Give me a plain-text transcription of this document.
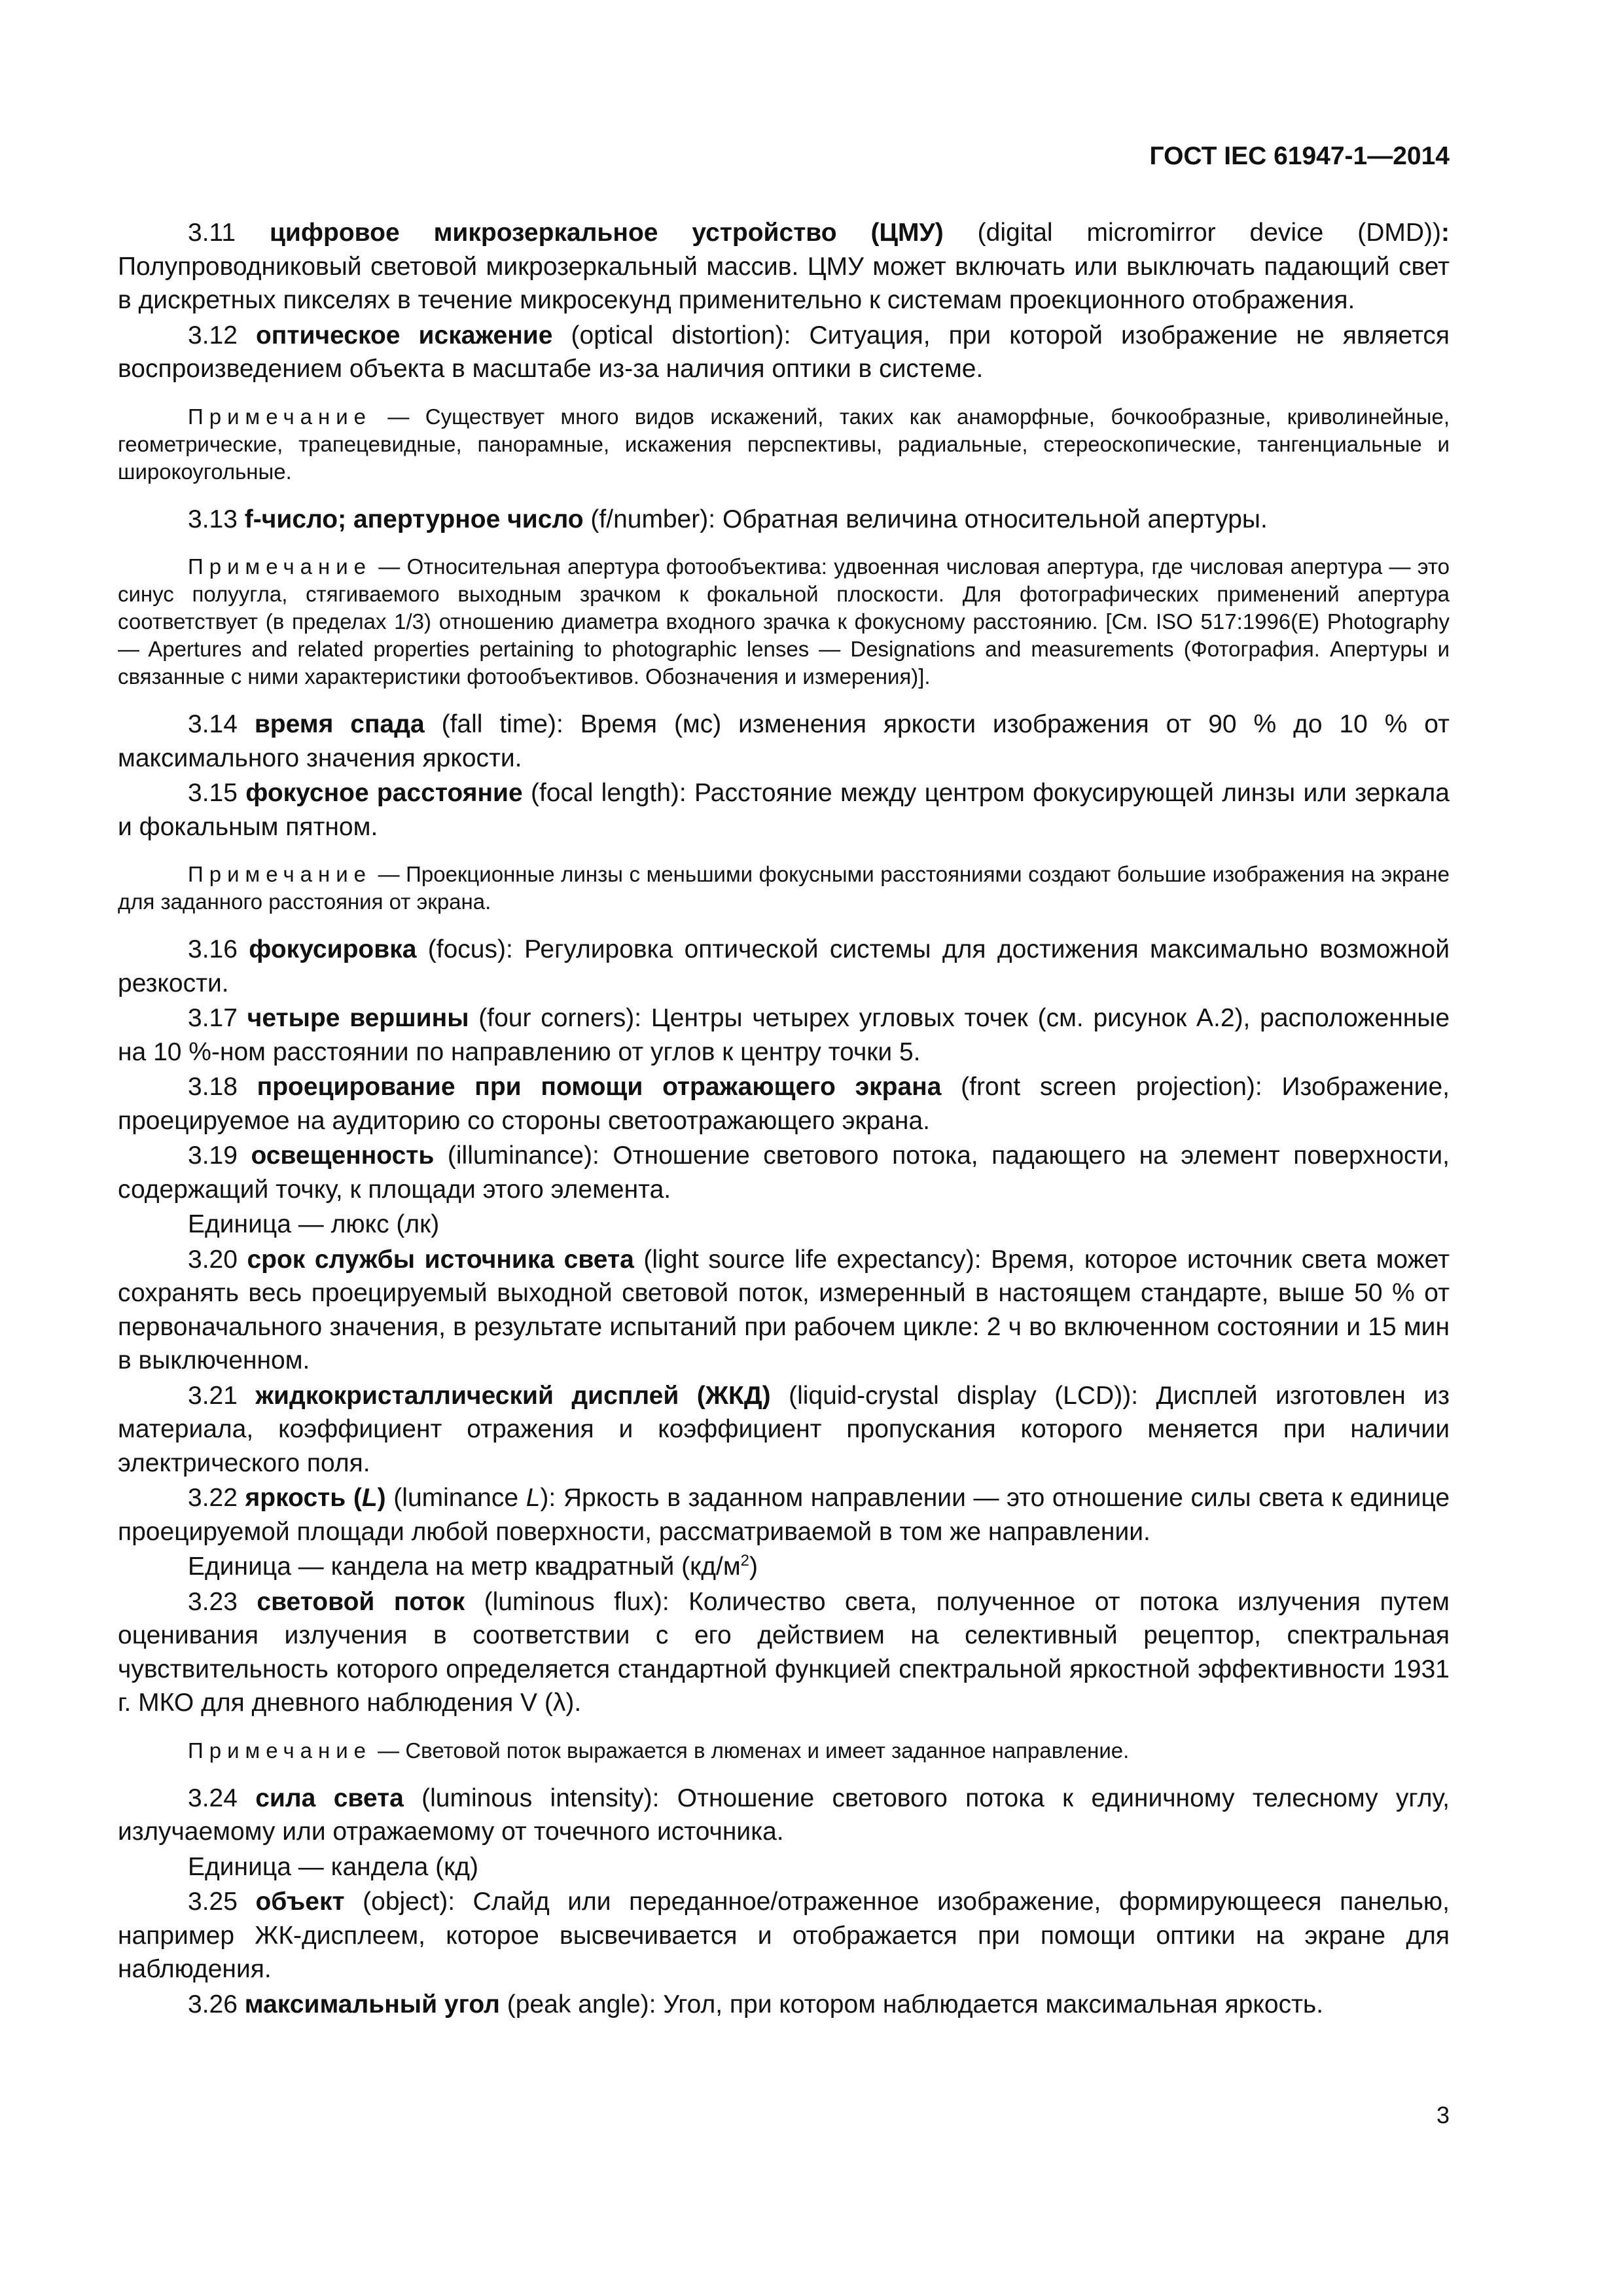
ГОСТ IEC 61947-1—2014

3.11 цифровое микрозеркальное устройство (ЦМУ) (digital micromirror device (DMD)): Полупроводниковый световой микрозеркальный массив. ЦМУ может включать или выключать падающий свет в дискретных пикселях в течение микросекунд применительно к системам проекционного отображения.

3.12 оптическое искажение (optical distortion): Ситуация, при которой изображение не является воспроизведением объекта в масштабе из-за наличия оптики в системе.

Примечание — Существует много видов искажений, таких как анаморфные, бочкообразные, криволинейные, геометрические, трапецевидные, панорамные, искажения перспективы, радиальные, стереоскопические, тангенциальные и широкоугольные.

3.13 f-число; апертурное число (f/number): Обратная величина относительной апертуры.

Примечание — Относительная апертура фотообъектива: удвоенная числовая апертура, где числовая апертура — это синус полуугла, стягиваемого выходным зрачком к фокальной плоскости. Для фотографических применений апертура соответствует (в пределах 1/3) отношению диаметра входного зрачка к фокусному расстоянию. [См. ISO 517:1996(E) Photography — Apertures and related properties pertaining to photographic lenses — Designations and measurements (Фотография. Апертуры и связанные с ними характеристики фотообъективов. Обозначения и измерения)].

3.14 время спада (fall time): Время (мс) изменения яркости изображения от 90 % до 10 % от максимального значения яркости.

3.15 фокусное расстояние (focal length): Расстояние между центром фокусирующей линзы или зеркала и фокальным пятном.

Примечание — Проекционные линзы с меньшими фокусными расстояниями создают большие изображения на экране для заданного расстояния от экрана.

3.16 фокусировка (focus): Регулировка оптической системы для достижения максимально возможной резкости.

3.17 четыре вершины (four corners): Центры четырех угловых точек (см. рисунок А.2), расположенные на 10 %-ном расстоянии по направлению от углов к центру точки 5.

3.18 проецирование при помощи отражающего экрана (front screen projection): Изображение, проецируемое на аудиторию со стороны светоотражающего экрана.

3.19 освещенность (illuminance): Отношение светового потока, падающего на элемент поверхности, содержащий точку, к площади этого элемента.

Единица — люкс (лк)

3.20 срок службы источника света (light source life expectancy): Время, которое источник света может сохранять весь проецируемый выходной световой поток, измеренный в настоящем стандарте, выше 50 % от первоначального значения, в результате испытаний при рабочем цикле: 2 ч во включенном состоянии и 15 мин в выключенном.

3.21 жидкокристаллический дисплей (ЖКД) (liquid-crystal display (LCD)): Дисплей изготовлен из материала, коэффициент отражения и коэффициент пропускания которого меняется при наличии электрического поля.

3.22 яркость (L) (luminance L): Яркость в заданном направлении — это отношение силы света к единице проецируемой площади любой поверхности, рассматриваемой в том же направлении.

Единица — кандела на метр квадратный $(кд/м^2)$

3.23 световой поток (luminous flux): Количество света, полученное от потока излучения путем оценивания излучения в соответствии с его действием на селективный рецептор, спектральная чувствительность которого определяется стандартной функцией спектральной яркостной эффективности 1931 г. МКО для дневного наблюдения V (λ).

Примечание — Световой поток выражается в люменах и имеет заданное направление.

3.24 сила света (luminous intensity): Отношение светового потока к единичному телесному углу, излучаемому или отражаемому от точечного источника.

Единица — кандела (кд)

3.25 объект (object): Слайд или переданное/отраженное изображение, формирующееся панелью, например ЖК-дисплеем, которое высвечивается и отображается при помощи оптики на экране для наблюдения.

3.26 максимальный угол (peak angle): Угол, при котором наблюдается максимальная яркость.

3
